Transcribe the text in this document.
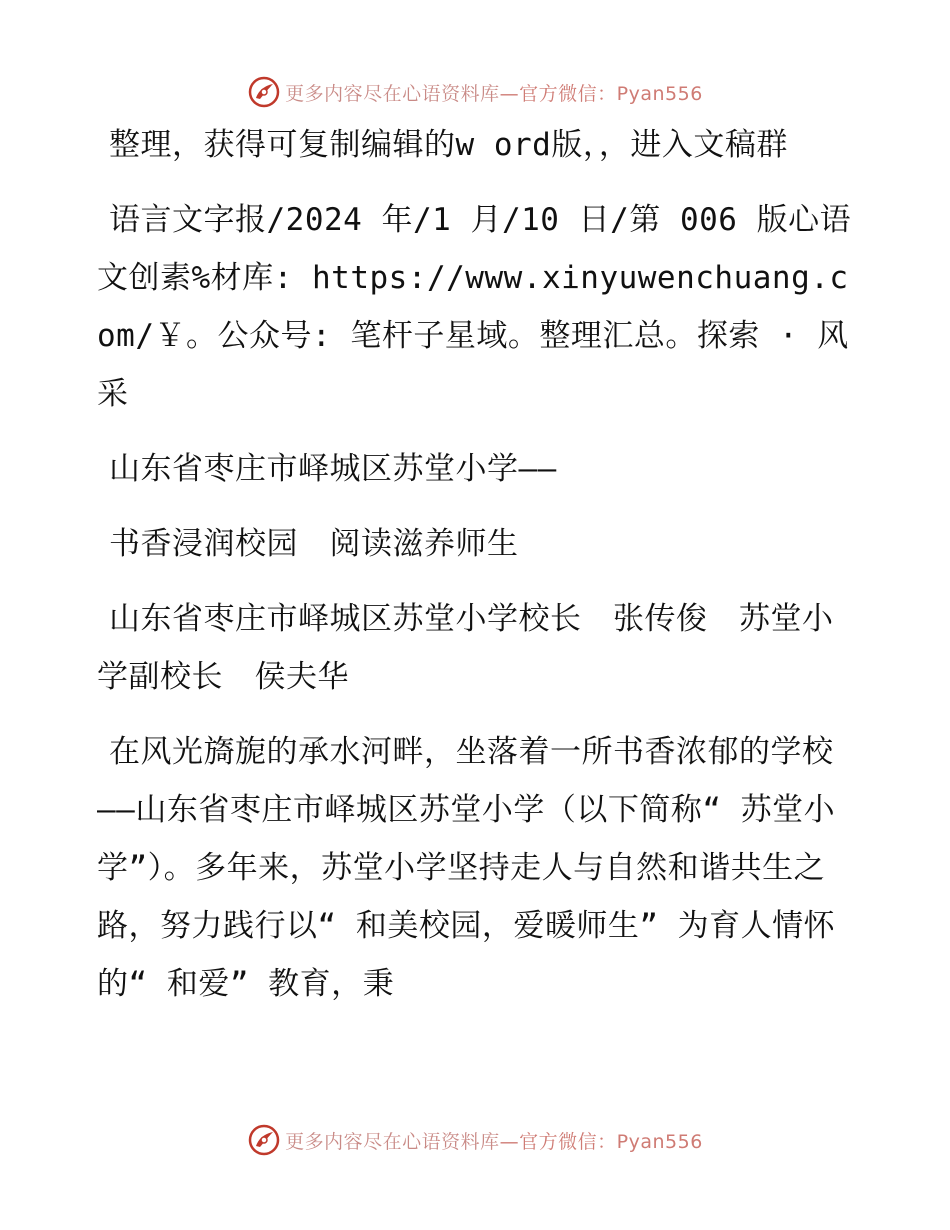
更多内容尽在心语资料库—官方微信：Pyan556

整理，获得可复制编辑的w ord版，，进入文稿群

语言文字报/2024 年/1 月/10 日/第 006 版心语文创素%材库: https://www.xinyuwenchuang.com/￥。公众号: 笔杆子星域。整理汇总。探索 · 风采

山东省枣庄市峄城区苏堂小学——

书香浸润校园　阅读滋养师生

山东省枣庄市峄城区苏堂小学校长　张传俊　苏堂小学副校长　侯夫华

在风光旖旎的承水河畔，坐落着一所书香浓郁的学校——山东省枣庄市峄城区苏堂小学（以下简称“ 苏堂小学”）。多年来，苏堂小学坚持走人与自然和谐共生之路，努力践行以“ 和美校园，爱暖师生” 为育人情怀的“ 和爱” 教育，秉

更多内容尽在心语资料库—官方微信：Pyan556
